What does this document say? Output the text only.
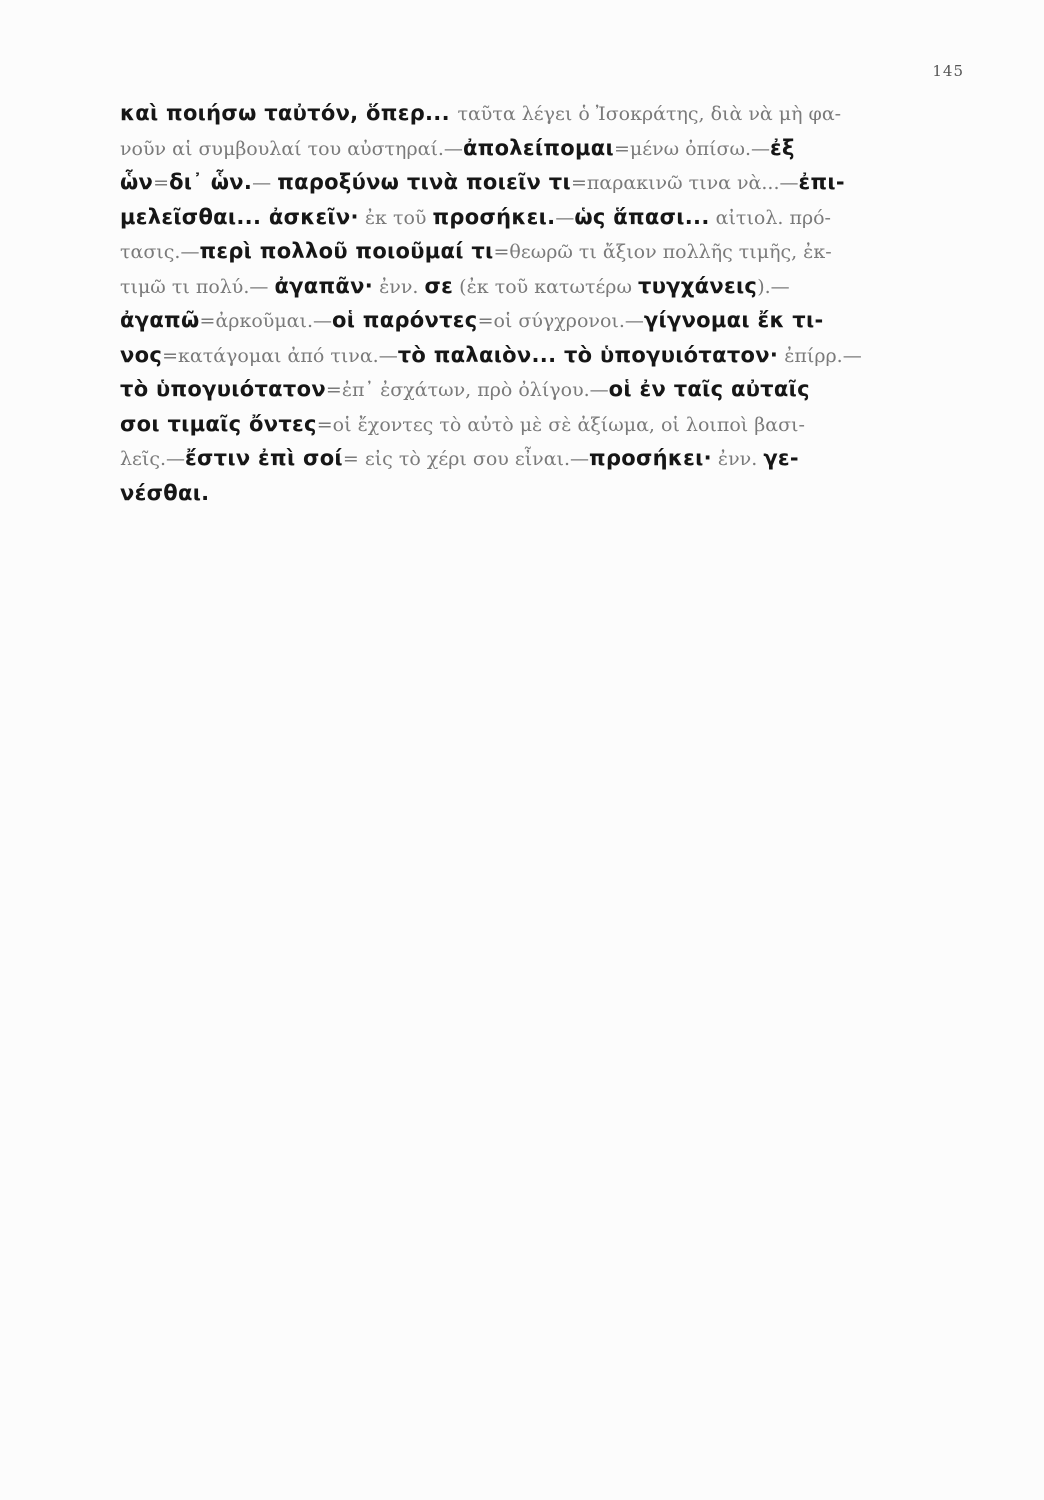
145
καὶ ποιήσω ταὐτόν, ὅπερ... ταῦτα λέγει ὁ Ἰσοκράτης, διὰ νὰ μὴ φα-
νοῦν αἱ συμβουλαί του αὐστηραί.—ἀπολείπομαι=μένω ὀπίσω.—ἐξ
ὧν=δι᾽ ὧν.— παροξύνω τινὰ ποιεῖν τι=παρακινῶ τινα νὰ...—ἐπι-
μελεῖσθαι... ἀσκεῖν· ἐκ τοῦ προσήκει.—ὡς ἅπασι... αἰτιολ. πρό-
τασις.—περὶ πολλοῦ ποιοῦμαί τι=θεωρῶ τι ἄξιον πολλῆς τιμῆς, ἐκ-
τιμῶ τι πολύ.— ἀγαπᾶν· ἐνν. σε (ἐκ τοῦ κατωτέρω τυγχάνεις).—
ἀγαπῶ=ἀρκοῦμαι.—οἱ παρόντες=οἱ σύγχρονοι.—γίγνομαι ἔκ τι-
νος=κατάγομαι ἀπό τινα.—τὸ παλαιὸν... τὸ ὑπογυιότατον· ἐπίρρ.—
τὸ ὑπογυιότατον=ἐπ᾽ ἐσχάτων, πρὸ ὀλίγου.—οἱ ἐν ταῖς αὐταῖς
σοι τιμαῖς ὄντες=οἱ ἔχοντες τὸ αὐτὸ μὲ σὲ ἀξίωμα, οἱ λοιποὶ βασι-
λεῖς.—ἔστιν ἐπὶ σοί= εἰς τὸ χέρι σου εἶναι.—προσήκει· ἐνν. γε-
νέσθαι.
